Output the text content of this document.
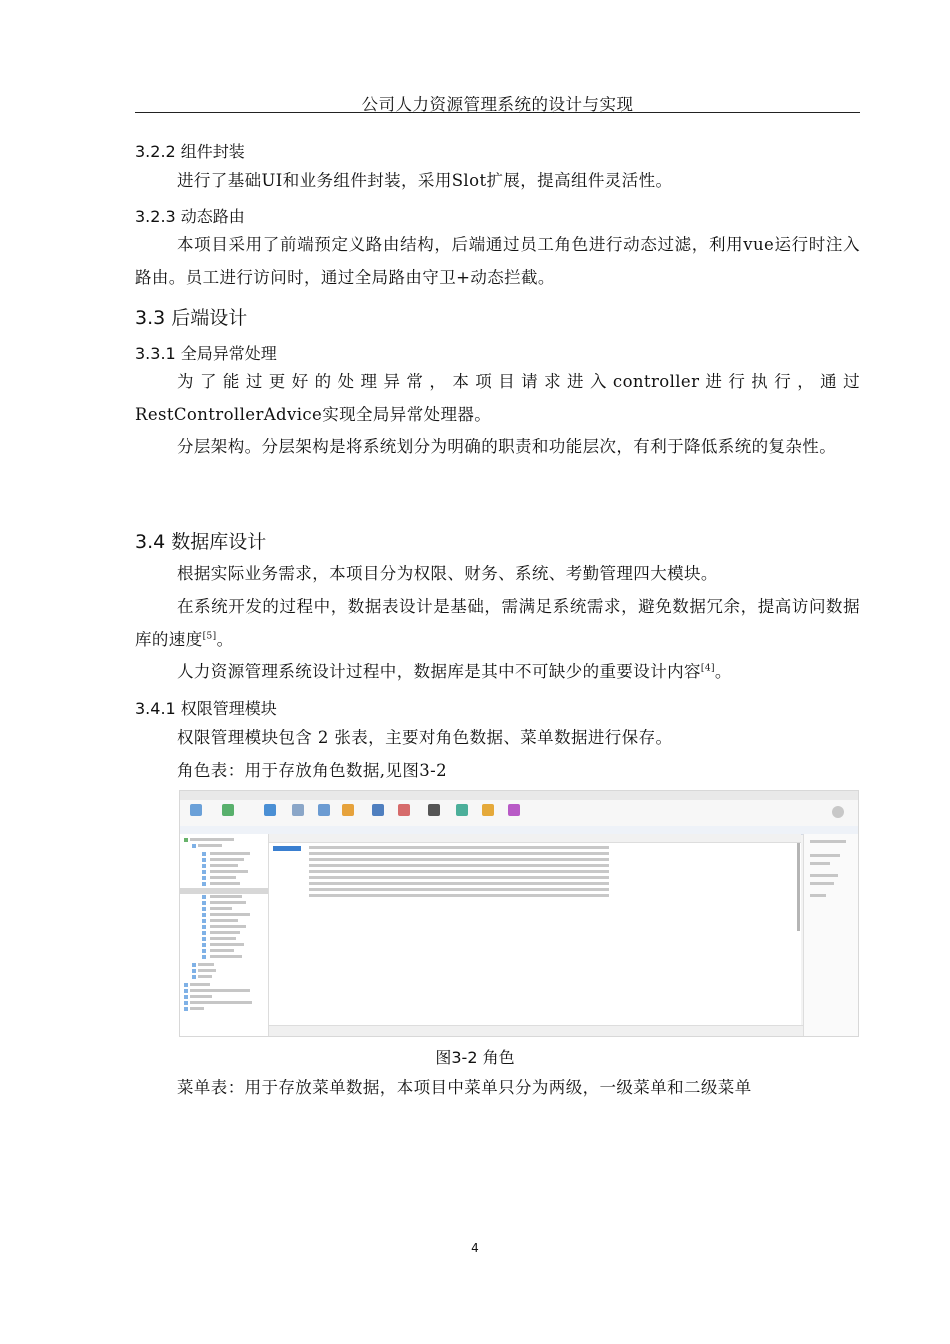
公司人力资源管理系统的设计与实现
3.2.2 组件封装
进行了基础UI和业务组件封装，采用Slot扩展，提高组件灵活性。
3.2.3 动态路由
本项目采用了前端预定义路由结构，后端通过员工角色进行动态过滤，利用vue运行时注入路由。员工进行访问时，通过全局路由守卫+动态拦截。
3.3 后端设计
3.3.1 全局异常处理
为了能过更好的处理异常，本项目请求进入controller进行执行，通过RestControllerAdvice实现全局异常处理器。
分层架构。分层架构是将系统划分为明确的职责和功能层次，有利于降低系统的复杂性。
3.4 数据库设计
根据实际业务需求，本项目分为权限、财务、系统、考勤管理四大模块。
在系统开发的过程中，数据表设计是基础，需满足系统需求，避免数据冗余，提高访问数据库的速度[5]。
人力资源管理系统设计过程中，数据库是其中不可缺少的重要设计内容[4]。
3.4.1 权限管理模块
权限管理模块包含 2 张表，主要对角色数据、菜单数据进行保存。
角色表：用于存放角色数据,见图3-2
图3-2 角色
菜单表：用于存放菜单数据，本项目中菜单只分为两级，一级菜单和二级菜单
4
